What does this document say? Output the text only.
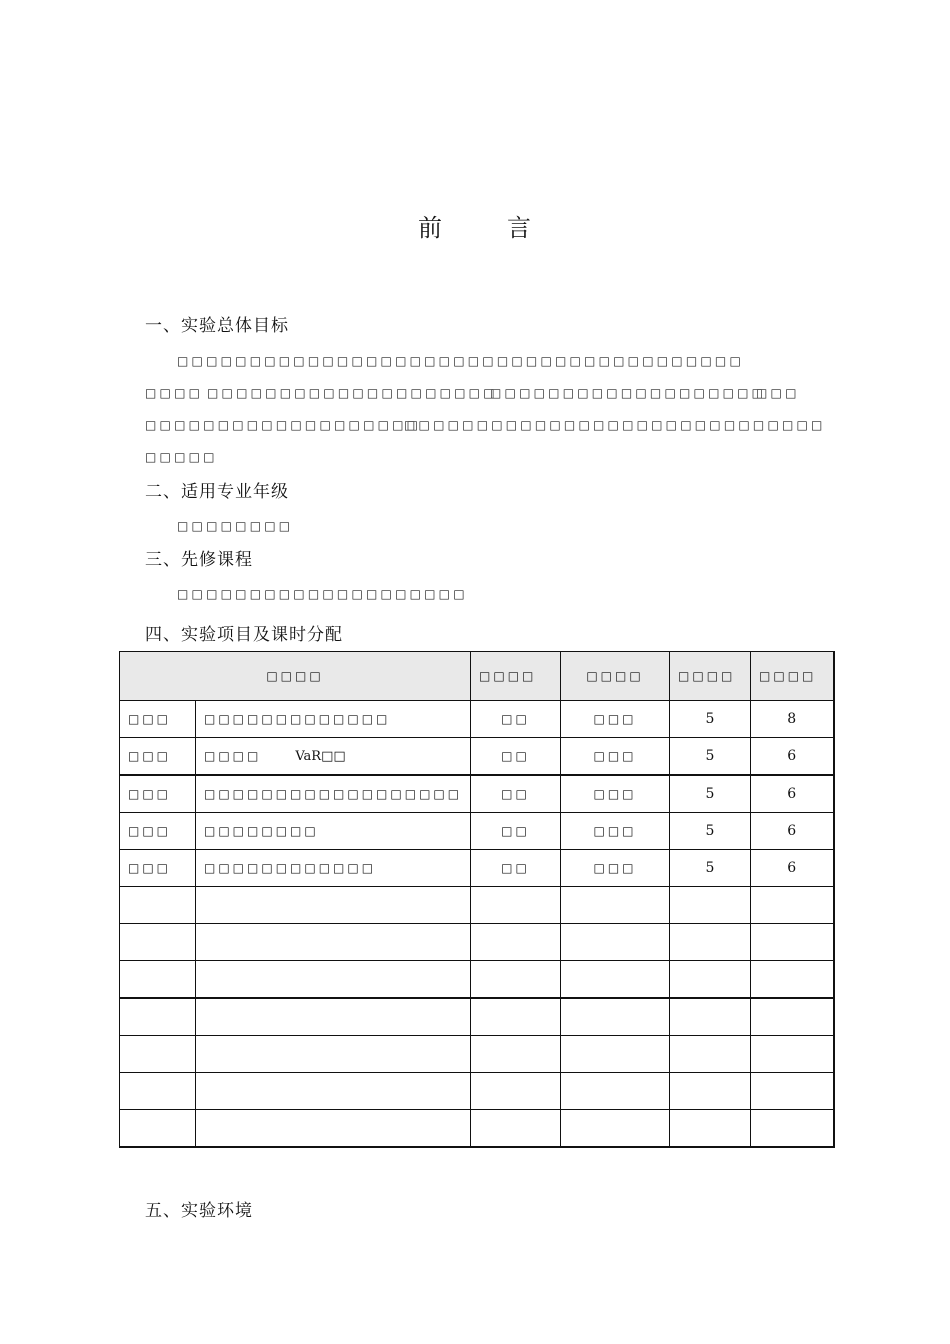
前	言
一、实验总体目标
□□□□□□□□□□□□□□□□□□□□□□□□□□□□□□□□□□□□□□□
□□□□ □□□□□□□□□□□□□□□□□□□□
□□□□□□□□□□□□□□□□□□□
□□□
□□□□□□□□□□□□□□□□□□□
□□□□□□□□□□□□□□□□□□□□□□□□□□□□□
□□□□□
二、适用专业年级
□□□□□□□□
三、先修课程
□□□□□□□□□□□□□□□□□□□□
四、实验项目及课时分配
□□□□		□□□□	□□□□	□□□□	□□□□
□□□	□□□□□□□□□□□□□	□□	□□□	5	8
□□□	□□□□ VaR□□	□□	□□□	5	6
□□□	□□□□□□□□□□□□□□□□□□	□□	□□□	5	6
□□□	□□□□□□□□	□□	□□□	5	6
□□□	□□□□□□□□□□□□	□□	□□□	5	6

五、实验环境
